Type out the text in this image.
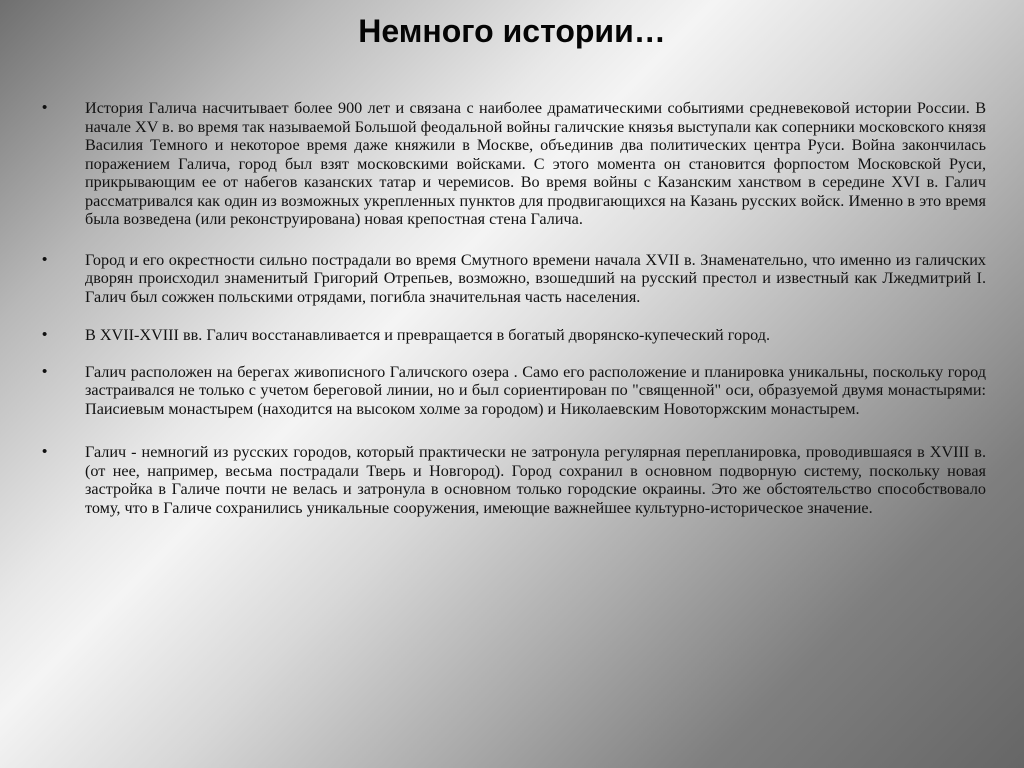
Немного истории…
•	История Галича насчитывает более 900 лет и связана с наиболее драматическими событиями средневековой истории России. В начале XV в. во время так называемой Большой феодальной войны галичские князья выступали как соперники московского князя Василия Темного и некоторое время даже княжили в Москве, объединив два политических центра Руси. Война закончилась поражением Галича, город был взят московскими войсками. С этого момента он становится форпостом Московской Руси, прикрывающим ее от набегов казанских татар и черемисов. Во время войны с Казанским ханством в середине XVI в. Галич рассматривался как один из возможных укрепленных пунктов для продвигающихся на Казань русских войск. Именно в это время была возведена (или реконструирована) новая крепостная стена Галича.
•	Город и его окрестности сильно пострадали во время Смутного времени начала XVII в. Знаменательно, что именно из галичских дворян происходил знаменитый Григорий Отрепьев, возможно, взошедший на русский престол и известный как Лжедмитрий I. Галич был сожжен польскими отрядами, погибла значительная часть населения.
•	В XVII-XVIII вв. Галич восстанавливается и превращается в богатый дворянско-купеческий город.
•	Галич расположен на берегах живописного Галичского озера . Само его расположение и планировка уникальны, поскольку город застраивался не только с учетом береговой линии, но и был сориентирован по "священной" оси, образуемой двумя монастырями: Паисиевым монастырем (находится на высоком холме за городом) и Николаевским Новоторжским монастырем.
•	Галич - немногий из русских городов, который практически не затронула регулярная перепланировка, проводившаяся в XVIII в. (от нее, например, весьма пострадали Тверь и Новгород). Город сохранил в основном подворную систему, поскольку новая застройка в Галиче почти не велась и затронула в основном только городские окраины. Это же обстоятельство способствовало тому, что в Галиче сохранились уникальные сооружения, имеющие важнейшее культурно-историческое значение.
